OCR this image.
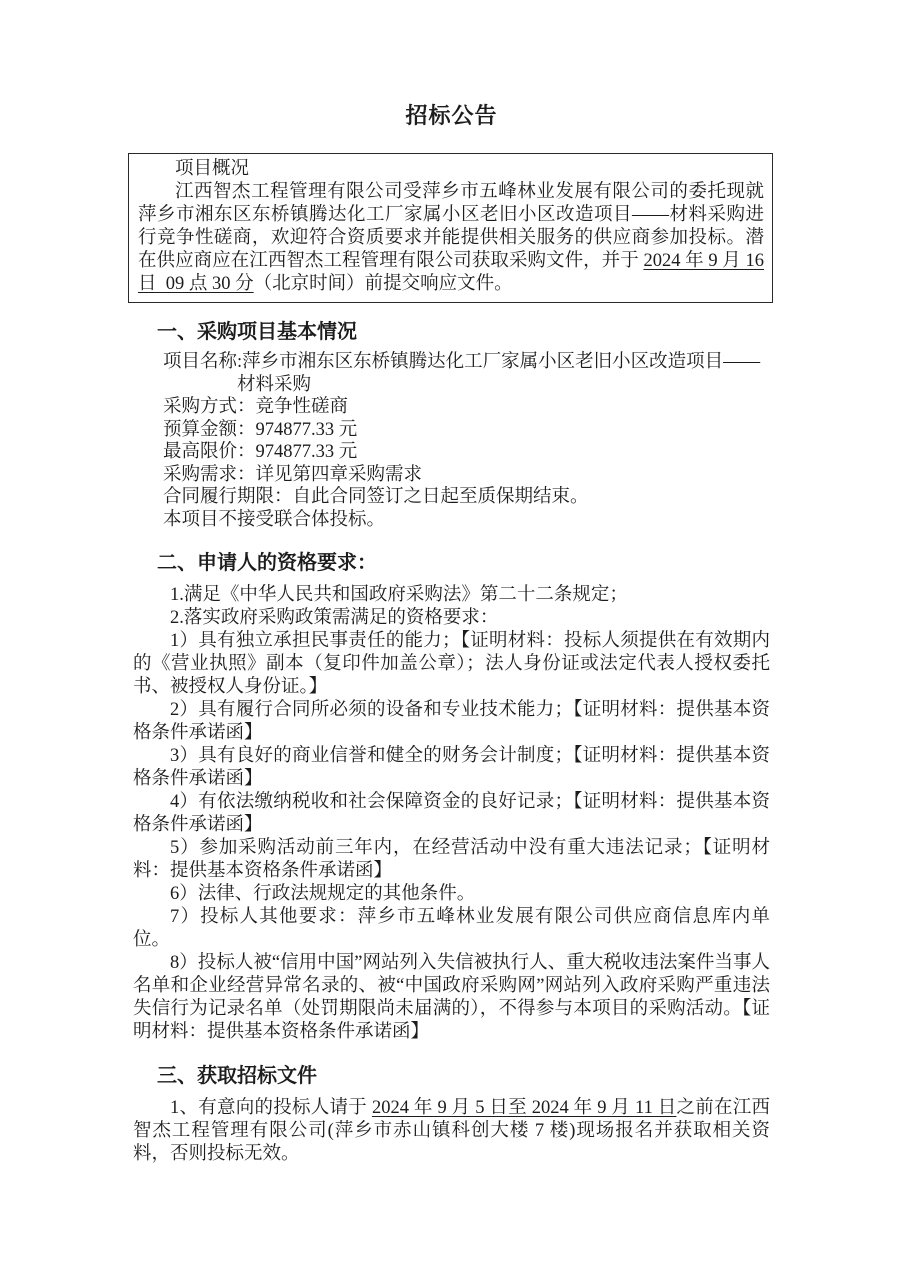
招标公告

项目概况

江西智杰工程管理有限公司受萍乡市五峰林业发展有限公司的委托现就萍乡市湘东区东桥镇腾达化工厂家属小区老旧小区改造项目——材料采购进行竞争性磋商，欢迎符合资质要求并能提供相关服务的供应商参加投标。潜在供应商应在江西智杰工程管理有限公司获取采购文件，并于 2024 年 9 月 16 日  09 点 30 分（北京时间）前提交响应文件。

一、采购项目基本情况

项目名称:萍乡市湘东区东桥镇腾达化工厂家属小区老旧小区改造项目——材料采购

采购方式：竞争性磋商

预算金额：974877.33 元

最高限价：974877.33 元

采购需求：详见第四章采购需求

合同履行期限：自此合同签订之日起至质保期结束。

本项目不接受联合体投标。

二、申请人的资格要求：

1.满足《中华人民共和国政府采购法》第二十二条规定；

2.落实政府采购政策需满足的资格要求：

1）具有独立承担民事责任的能力；【证明材料：投标人须提供在有效期内的《营业执照》副本（复印件加盖公章）；法人身份证或法定代表人授权委托书、被授权人身份证。】

2）具有履行合同所必须的设备和专业技术能力；【证明材料：提供基本资格条件承诺函】

3）具有良好的商业信誉和健全的财务会计制度；【证明材料：提供基本资格条件承诺函】

4）有依法缴纳税收和社会保障资金的良好记录；【证明材料：提供基本资格条件承诺函】

5）参加采购活动前三年内，在经营活动中没有重大违法记录；【证明材料：提供基本资格条件承诺函】

6）法律、行政法规规定的其他条件。

7）投标人其他要求：萍乡市五峰林业发展有限公司供应商信息库内单位。

8）投标人被“信用中国”网站列入失信被执行人、重大税收违法案件当事人名单和企业经营异常名录的、被“中国政府采购网”网站列入政府采购严重违法失信行为记录名单（处罚期限尚未届满的），不得参与本项目的采购活动。【证明材料：提供基本资格条件承诺函】

三、获取招标文件

1、有意向的投标人请于 2024 年 9 月 5 日至 2024 年 9 月 11 日之前在江西智杰工程管理有限公司(萍乡市赤山镇科创大楼 7 楼)现场报名并获取相关资料，否则投标无效。
